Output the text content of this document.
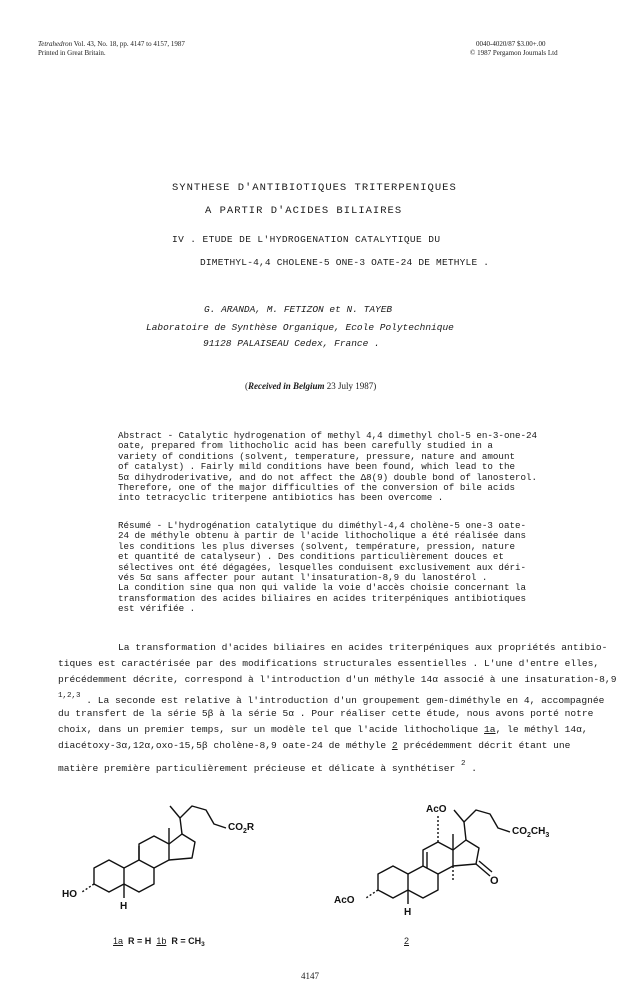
Tetrahedron Vol. 43, No. 18, pp. 4147 to 4157, 1987
Printed in Great Britain.
0040-4020/87 $3.00+.00
© 1987 Pergamon Journals Ltd
SYNTHESE D'ANTIBIOTIQUES TRITERPENIQUES
A PARTIR D'ACIDES BILIAIRES
IV . ETUDE DE L'HYDROGENATION CATALYTIQUE DU
DIMETHYL-4,4 CHOLENE-5 ONE-3 OATE-24 DE METHYLE .
G. ARANDA, M. FETIZON et N. TAYEB
Laboratoire de Synthèse Organique, Ecole Polytechnique
91128 PALAISEAU Cedex, France .
(Received in Belgium 23 July 1987)
Abstract - Catalytic hydrogenation of methyl 4,4 dimethyl chol-5 en-3-one-24
oate, prepared from lithocholic acid has been carefully studied in a
variety of conditions (solvent, temperature, pressure, nature and amount
of catalyst) . Fairly mild conditions have been found, which lead to the
5α dihydroderivative, and do not affect the Δ8(9) double bond of lanosterol.
Therefore, one of the major difficulties of the conversion of bile acids
into tetracyclic triterpene antibiotics has been overcome .
Résumé - L'hydrogénation catalytique du diméthyl-4,4 cholène-5 one-3 oate-
24 de méthyle obtenu à partir de l'acide lithocholique a été réalisée dans
les conditions les plus diverses (solvent, température, pression, nature
et quantité de catalyseur) . Des conditions particulièrement douces et
sélectives ont été dégagées, lesquelles conduisent exclusivement aux déri-
vés 5α sans affecter pour autant l'insaturation-8,9 du lanostérol .
La condition sine qua non qui valide la voie d'accès choisie concernant la
transformation des acides biliaires en acides triterpéniques antibiotiques
est vérifiée .
La transformation d'acides biliaires en acides triterpéniques aux propriétés antibio-
tiques est caractérisée par des modifications structurales essentielles . L'une d'entre elles,
précédemment décrite, correspond à l'introduction d'un méthyle 14α associé à une insaturation-8,9
$^{1,2,3}$ . La seconde est relative à l'introduction d'un groupement gem-diméthyle en 4, accompagnée
du transfert de la série 5β à la série 5α . Pour réaliser cette étude, nous avons porté notre
choix, dans un premier temps, sur un modèle tel que l'acide lithocholique 1a, le méthyl 14α,
diacétoxy-3α,12α,oxo-15,5β cholène-8,9 oate-24 de méthyle 2 précédemment décrit étant une
matière première particulièrement précieuse et délicate à synthétiser $^2$ .
$CO_2R$
HO
H
1a R = H 1b $R = CH_3$
AcO
$CO_2CH_3$
O
AcO
H
2
4147
